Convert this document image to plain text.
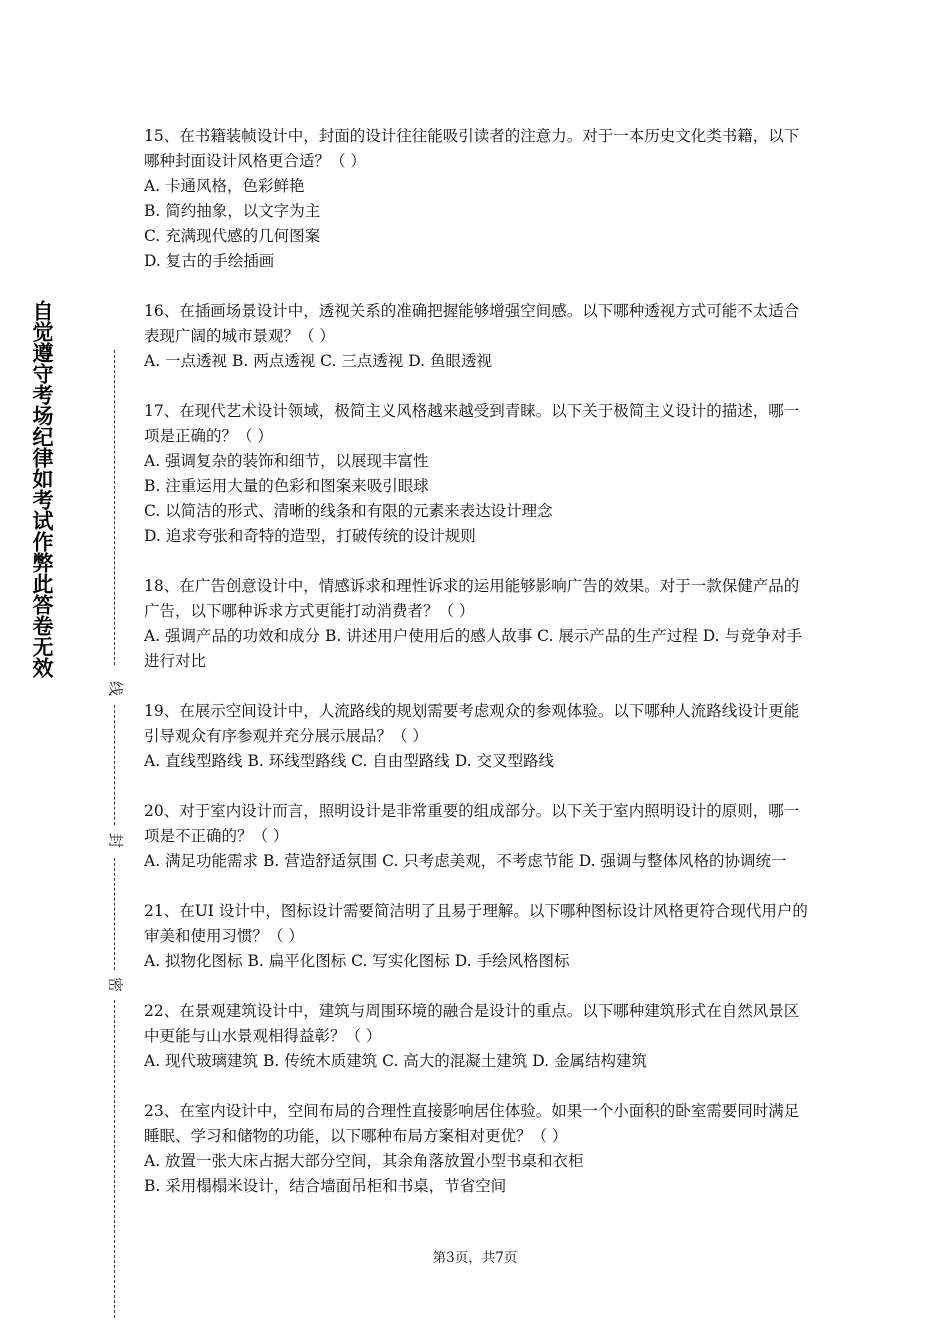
自觉遵守考场纪律如考试作弊此答卷无效
线
封
密

15、在书籍装帧设计中，封面的设计往往能吸引读者的注意力。对于一本历史文化类书籍，以下哪种封面设计风格更合适？（ ）

A. 卡通风格，色彩鲜艳

B. 简约抽象，以文字为主

C. 充满现代感的几何图案

D. 复古的手绘插画

16、在插画场景设计中，透视关系的准确把握能够增强空间感。以下哪种透视方式可能不太适合表现广阔的城市景观？（ ）

A. 一点透视 B. 两点透视 C. 三点透视 D. 鱼眼透视

17、在现代艺术设计领域，极简主义风格越来越受到青睐。以下关于极简主义设计的描述，哪一项是正确的？（ ）

A. 强调复杂的装饰和细节，以展现丰富性

B. 注重运用大量的色彩和图案来吸引眼球

C. 以简洁的形式、清晰的线条和有限的元素来表达设计理念

D. 追求夸张和奇特的造型，打破传统的设计规则

18、在广告创意设计中，情感诉求和理性诉求的运用能够影响广告的效果。对于一款保健产品的广告，以下哪种诉求方式更能打动消费者？（ ）

A. 强调产品的功效和成分 B. 讲述用户使用后的感人故事 C. 展示产品的生产过程 D. 与竞争对手进行对比

19、在展示空间设计中，人流路线的规划需要考虑观众的参观体验。以下哪种人流路线设计更能引导观众有序参观并充分展示展品？（ ）

A. 直线型路线 B. 环线型路线 C. 自由型路线 D. 交叉型路线

20、对于室内设计而言，照明设计是非常重要的组成部分。以下关于室内照明设计的原则，哪一项是不正确的？（ ）

A. 满足功能需求 B. 营造舒适氛围 C. 只考虑美观，不考虑节能 D. 强调与整体风格的协调统一

21、在UI 设计中，图标设计需要简洁明了且易于理解。以下哪种图标设计风格更符合现代用户的审美和使用习惯？（ ）

A. 拟物化图标 B. 扁平化图标 C. 写实化图标 D. 手绘风格图标

22、在景观建筑设计中，建筑与周围环境的融合是设计的重点。以下哪种建筑形式在自然风景区中更能与山水景观相得益彰？（ ）

A. 现代玻璃建筑 B. 传统木质建筑 C. 高大的混凝土建筑 D. 金属结构建筑

23、在室内设计中，空间布局的合理性直接影响居住体验。如果一个小面积的卧室需要同时满足睡眠、学习和储物的功能，以下哪种布局方案相对更优？（ ）

A. 放置一张大床占据大部分空间，其余角落放置小型书桌和衣柜

B. 采用榻榻米设计，结合墙面吊柜和书桌，节省空间

第3页，共7页
